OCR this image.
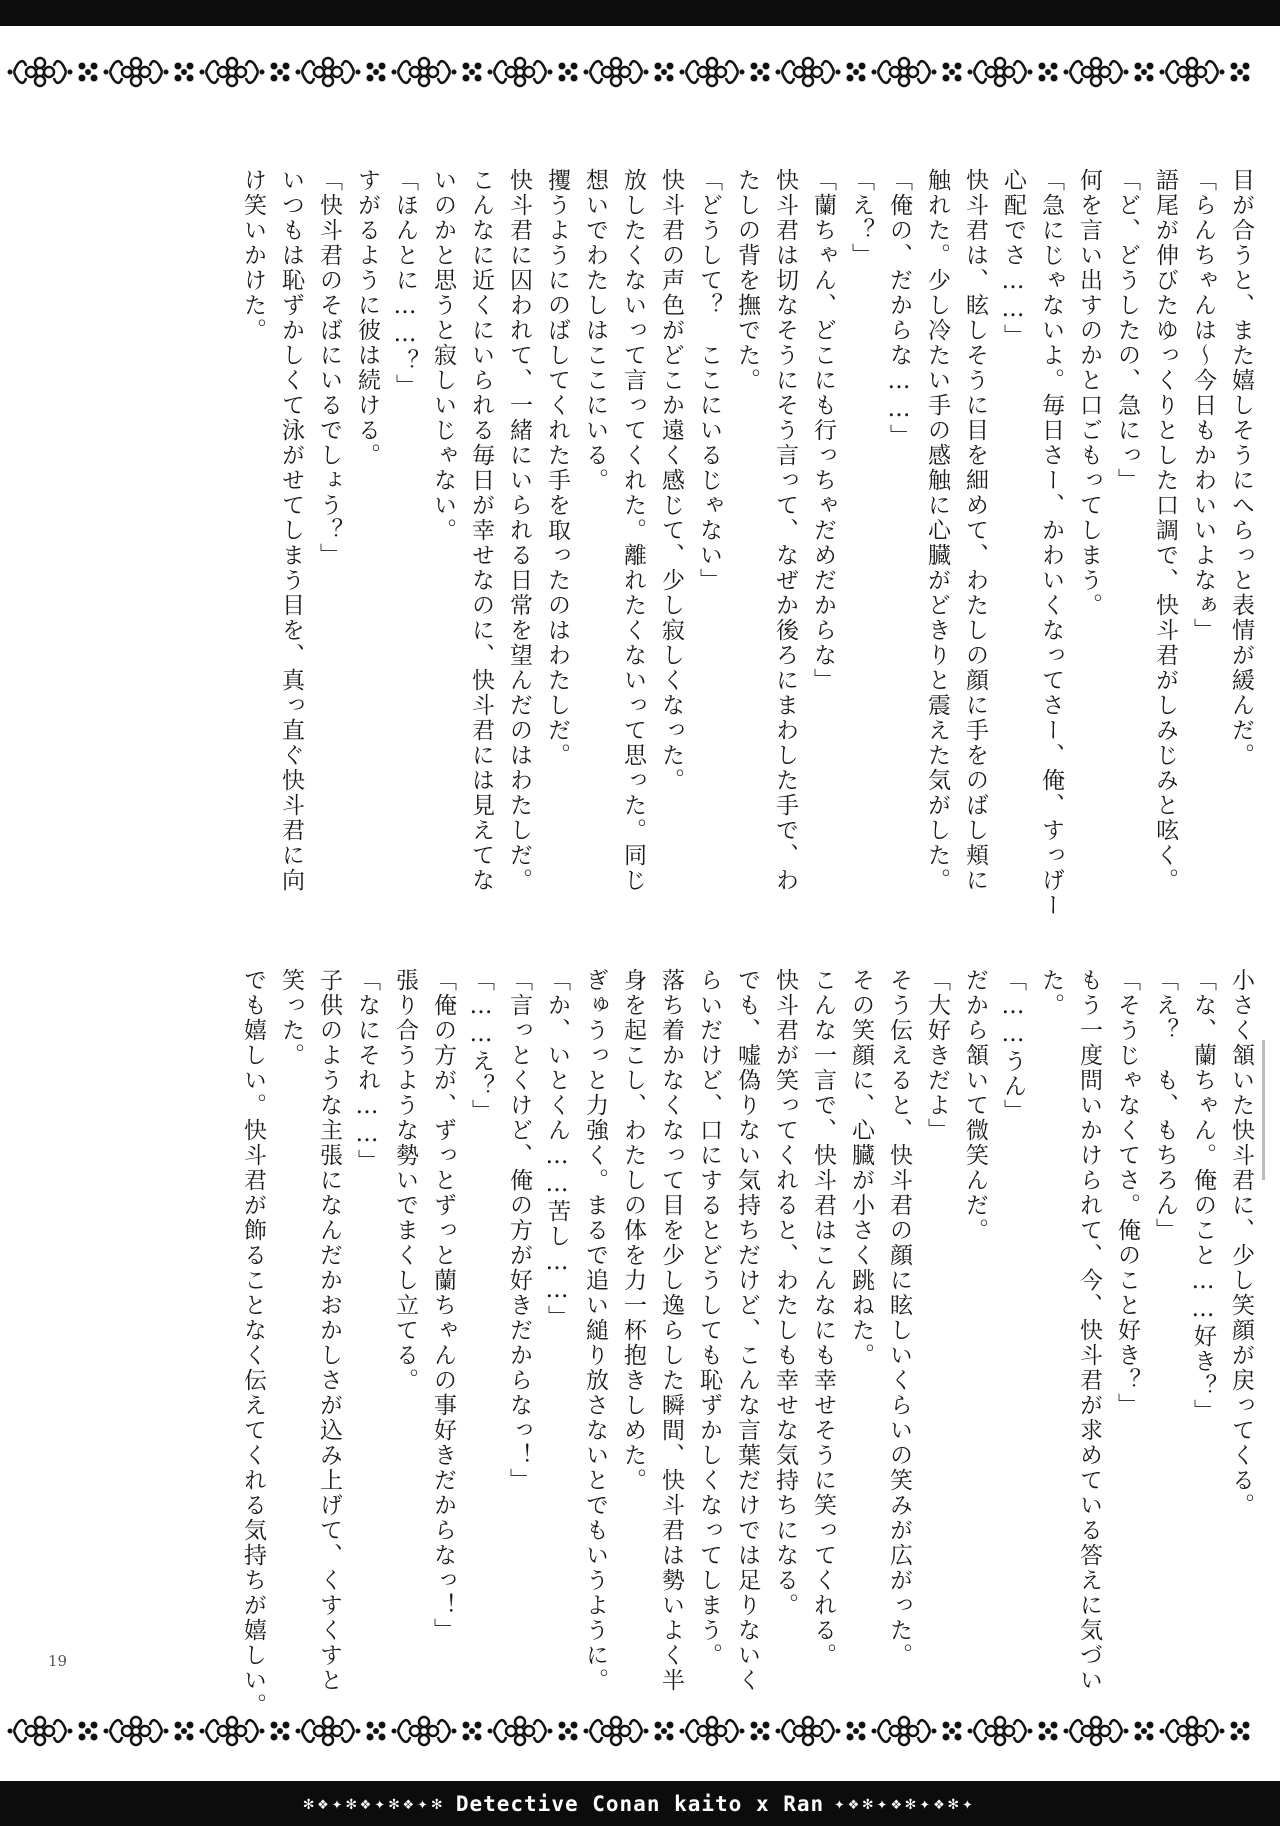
✻❖✦✻❖✦✻❖✦✻ Detective Conan kaito x Ran ✦❖✻✦❖✻✦❖✻✦
目が合うと、また嬉しそうにへらっと表情が緩んだ。
「らんちゃんは〜今日もかわいいよなぁ」
語尾が伸びたゆっくりとした口調で、快斗君がしみじみと呟く。
「ど、どうしたの、急にっ」
何を言い出すのかと口ごもってしまう。
「急にじゃないよ。毎日さー、かわいくなってさー、俺、すっげー
心配でさ……」
快斗君は、眩しそうに目を細めて、わたしの顔に手をのばし頬に
触れた。少し冷たい手の感触に心臓がどきりと震えた気がした。
「俺の、だからな……」
「え？」
「蘭ちゃん、どこにも行っちゃだめだからな」
快斗君は切なそうにそう言って、なぜか後ろにまわした手で、わ
たしの背を撫でた。
「どうして？　ここにいるじゃない」
快斗君の声色がどこか遠く感じて、少し寂しくなった。
放したくないって言ってくれた。離れたくないって思った。同じ
想いでわたしはここにいる。
攫うようにのばしてくれた手を取ったのはわたしだ。
快斗君に囚われて、一緒にいられる日常を望んだのはわたしだ。
こんなに近くにいられる毎日が幸せなのに、快斗君には見えてな
いのかと思うと寂しいじゃない。
「ほんとに……？」
すがるように彼は続ける。
「快斗君のそばにいるでしょう？」
いつもは恥ずかしくて泳がせてしまう目を、真っ直ぐ快斗君に向
け笑いかけた。
小さく頷いた快斗君に、少し笑顔が戻ってくる。
「な、蘭ちゃん。俺のこと……好き？」
「え？　も、もちろん」
「そうじゃなくてさ。俺のこと好き？」
もう一度問いかけられて、今、快斗君が求めている答えに気づい
た。
「……うん」
だから頷いて微笑んだ。
「大好きだよ」
そう伝えると、快斗君の顔に眩しいくらいの笑みが広がった。
その笑顔に、心臓が小さく跳ねた。
こんな一言で、快斗君はこんなにも幸せそうに笑ってくれる。
快斗君が笑ってくれると、わたしも幸せな気持ちになる。
でも、嘘偽りない気持ちだけど、こんな言葉だけでは足りないく
らいだけど、口にするとどうしても恥ずかしくなってしまう。
落ち着かなくなって目を少し逸らした瞬間、快斗君は勢いよく半
身を起こし、わたしの体を力一杯抱きしめた。
ぎゅうっと力強く。まるで追い縋り放さないとでもいうように。
「か、いとくん……苦し……」
「言っとくけど、俺の方が好きだからなっ！」
「……え？」
「俺の方が、ずっとずっと蘭ちゃんの事好きだからなっ！」
張り合うような勢いでまくし立てる。
「なにそれ……」
子供のような主張になんだかおかしさが込み上げて、くすくすと
笑った。
でも嬉しい。快斗君が飾ることなく伝えてくれる気持ちが嬉しい。
19
